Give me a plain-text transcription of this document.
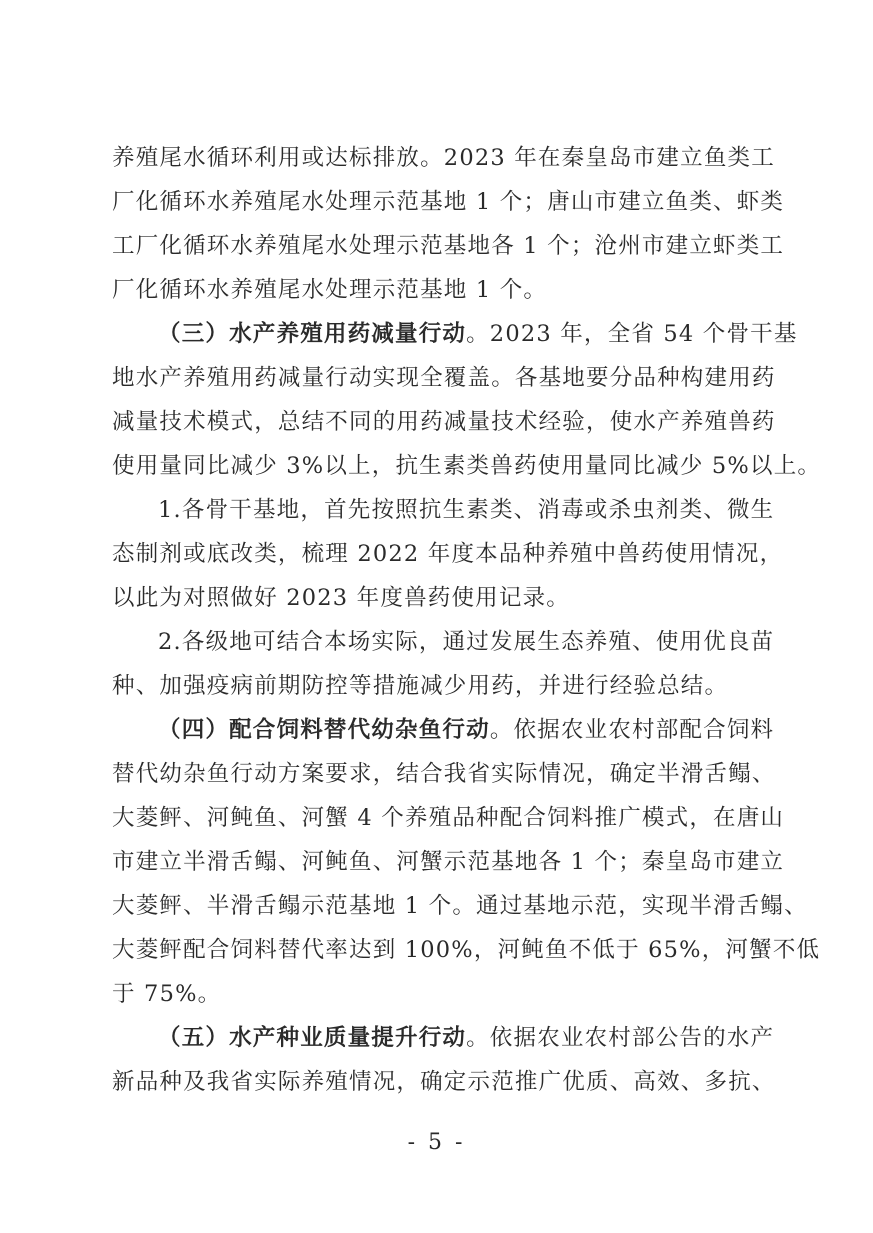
养殖尾水循环利用或达标排放。2023 年在秦皇岛市建立鱼类工
厂化循环水养殖尾水处理示范基地 1 个；唐山市建立鱼类、虾类
工厂化循环水养殖尾水处理示范基地各 1 个；沧州市建立虾类工
厂化循环水养殖尾水处理示范基地 1 个。
（三）水产养殖用药减量行动。2023 年，全省 54 个骨干基
地水产养殖用药减量行动实现全覆盖。各基地要分品种构建用药
减量技术模式，总结不同的用药减量技术经验，使水产养殖兽药
使用量同比减少 3%以上，抗生素类兽药使用量同比减少 5%以上。
1.各骨干基地，首先按照抗生素类、消毒或杀虫剂类、微生
态制剂或底改类，梳理 2022 年度本品种养殖中兽药使用情况，
以此为对照做好 2023 年度兽药使用记录。
2.各级地可结合本场实际，通过发展生态养殖、使用优良苗
种、加强疫病前期防控等措施减少用药，并进行经验总结。
（四）配合饲料替代幼杂鱼行动。依据农业农村部配合饲料
替代幼杂鱼行动方案要求，结合我省实际情况，确定半滑舌鳎、
大菱鲆、河鲀鱼、河蟹 4 个养殖品种配合饲料推广模式，在唐山
市建立半滑舌鳎、河鲀鱼、河蟹示范基地各 1 个；秦皇岛市建立
大菱鲆、半滑舌鳎示范基地 1 个。通过基地示范，实现半滑舌鳎、
大菱鲆配合饲料替代率达到 100%，河鲀鱼不低于 65%，河蟹不低
于 75%。
（五）水产种业质量提升行动。依据农业农村部公告的水产
新品种及我省实际养殖情况，确定示范推广优质、高效、多抗、
- 5 -
